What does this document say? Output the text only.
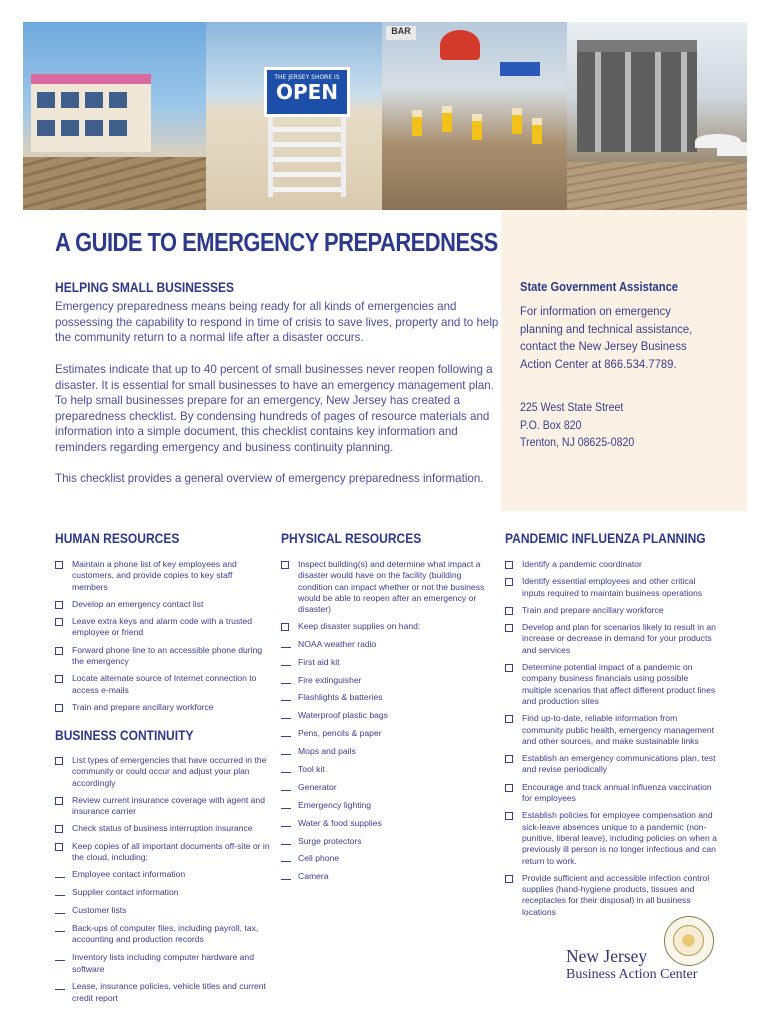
THE JERSEY SHORE IS
OPEN
BAR
A GUIDE TO EMERGENCY PREPAREDNESS
HELPING SMALL BUSINESSES

Emergency preparedness means being ready for all kinds of emergencies and possessing the capability to respond in time of crisis to save lives, property and to help the community return to a normal life after a disaster occurs.

Estimates indicate that up to 40 percent of small businesses never reopen following a disaster. It is essential for small businesses to have an emergency management plan. To help small businesses prepare for an emergency, New Jersey has created a preparedness checklist. By condensing hundreds of pages of resource materials and information into a simple document, this checklist contains key information and reminders regarding emergency and business continuity planning.

This checklist provides a general overview of emergency preparedness information.

State Government Assistance

For information on emergency planning and technical assistance, contact the New Jersey Business Action Center at 866.534.7789.

225 West State Street
P.O. Box 820
Trenton, NJ 08625-0820
HUMAN RESOURCES
Maintain a phone list of key employees and customers, and provide copies to key staff members
Develop an emergency contact list
Leave extra keys and alarm code with a trusted employee or friend
Forward phone line to an accessible phone during the emergency
Locate alternate source of Internet connection to access e-mails
Train and prepare ancillary workforce
BUSINESS CONTINUITY
List types of emergencies that have occurred in the community or could occur and adjust your plan accordingly
Review current insurance coverage with agent and insurance carrier
Check status of business interruption insurance
Keep copies of all important documents off-site or in the cloud, including:
Employee contact information
Supplier contact information
Customer lists
Back-ups of computer files, including payroll, tax, accounting and production records
Inventory lists including computer hardware and software
Lease, insurance policies, vehicle titles and current credit report
PHYSICAL RESOURCES
Inspect building(s) and determine what impact a disaster would have on the facility (building condition can impact whether or not the business would be able to reopen after an emergency or disaster)
Keep disaster supplies on hand:
NOAA weather radio
First aid kit
Fire extinguisher
Flashlights & batteries
Waterproof plastic bags
Pens, pencils & paper
Mops and pails
Tool kit
Generator
Emergency lighting
Water & food supplies
Surge protectors
Cell phone
Camera
PANDEMIC INFLUENZA PLANNING
Identify a pandemic coordinator
Identify essential employees and other critical inputs required to maintain business operations
Train and prepare ancillary workforce
Develop and plan for scenarios likely to result in an increase or decrease in demand for your products and services
Determine potential impact of a pandemic on company business financials using possible multiple scenarios that affect different product lines and production sites
Find up-to-date, reliable information from community public health, emergency management and other sources, and make sustainable links
Establish an emergency communications plan, test and revise periodically
Encourage and track annual influenza vaccination for employees
Establish policies for employee compensation and sick-leave absences unique to a pandemic (non-punitive, liberal leave), including policies on when a previously ill person is no longer infectious and can return to work.
Provide sufficient and accessible infection control supplies (hand-hygiene products, tissues and receptacles for their disposal) in all business locations
New Jersey
Business Action Center
